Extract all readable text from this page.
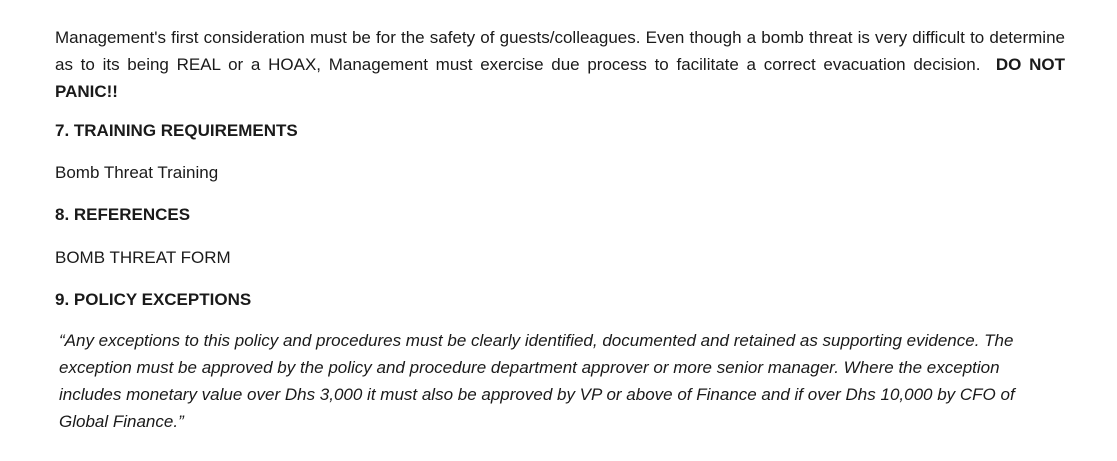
Management's first consideration must be for the safety of guests/colleagues. Even though a bomb threat is very difficult to determine as to its being REAL or a HOAX, Management must exercise due process to facilitate a correct evacuation decision. DO NOT PANIC!!

7. TRAINING REQUIREMENTS

Bomb Threat Training

8. REFERENCES

BOMB THREAT FORM

9. POLICY EXCEPTIONS

“Any exceptions to this policy and procedures must be clearly identified, documented and retained as supporting evidence. The exception must be approved by the policy and procedure department approver or more senior manager. Where the exception includes monetary value over Dhs 3,000 it must also be approved by VP or above of Finance and if over Dhs 10,000 by CFO of Global Finance.”
